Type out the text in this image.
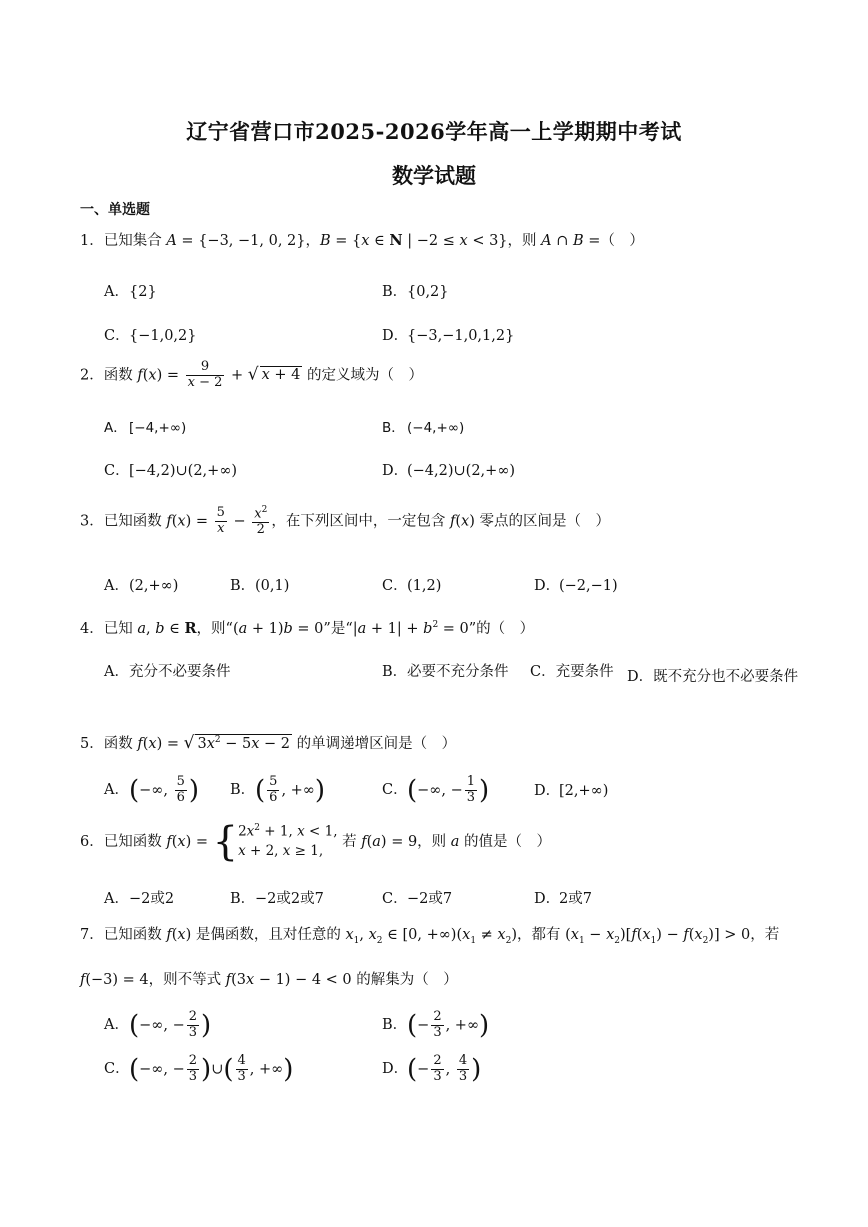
辽宁省营口市2025-2026学年高一上学期期中考试
数学试题
一、单选题
1．已知集合 A = {−3, −1, 0, 2}，B = {x ∈ N | −2 ≤ x < 3}，则 A ∩ B =（　）
A．{2}	B．{0,2}
C．{−1,0,2}	D．{−3,−1,0,1,2}
2．函数 $f(x) = \frac{9}{x - 2}$ + √ x + 4 的定义域为（　）
A． [−4,+∞)	B． (−4,+∞)
C．[−4,2)∪(2,+∞)	D．(−4,2)∪(2,+∞)
3．已知函数 $f(x) = \frac{5}{x} - \frac{x^2}{2}$ ，在下列区间中，一定包含 f(x) 零点的区间是（　）
A．(2,+∞)	B．(0,1)	C．(1,2)	D．(−2,−1)
4．已知 a, b ∈ R，则“(a + 1)b = 0”是“$|a + 1| + b^2 = 0$”的（　）
A．充分不必要条件	B．必要不充分条件 C．充要条件 D．既不充分也不必要条件
5．函数 f(x) = √ $3x^2 - 5x - 2$ 的单调递增区间是（　）
A．(−∞, $\frac{5}{6}$ ) B．( $\frac{5}{6}$ , +∞)	C．(−∞, − $\frac{1}{3}$ )	D．[2,+∞)
6．已知函数 f(x) = { $2x^2 + 1$, x < 1,
x + 2, x ≥ 1,
若 f(a) = 9，则 a 的值是（　）
A．−2或2	B．−2或2或7	C．−2或7	D．2或7
7．已知函数 f(x) 是偶函数，且对任意的 $x_1$, $x_2$ ∈ [0, $+\infty)(x_1 \ne x_2)$，都有 $(x_1 - x_2)[f(x_1) - f(x_2)] > 0$，若
f(−3) = 4，则不等式 f(3x − 1) − 4 < 0 的解集为（　）
A．(−∞, − $\frac{2}{3}$ )	B．(− $\frac{2}{3}$ , +∞)
C．(−∞, − $\frac{2}{3}$ )∪( $\frac{4}{3}$ , +∞)	D．(− $\frac{2}{3}$ , $\frac{4}{3}$ )
